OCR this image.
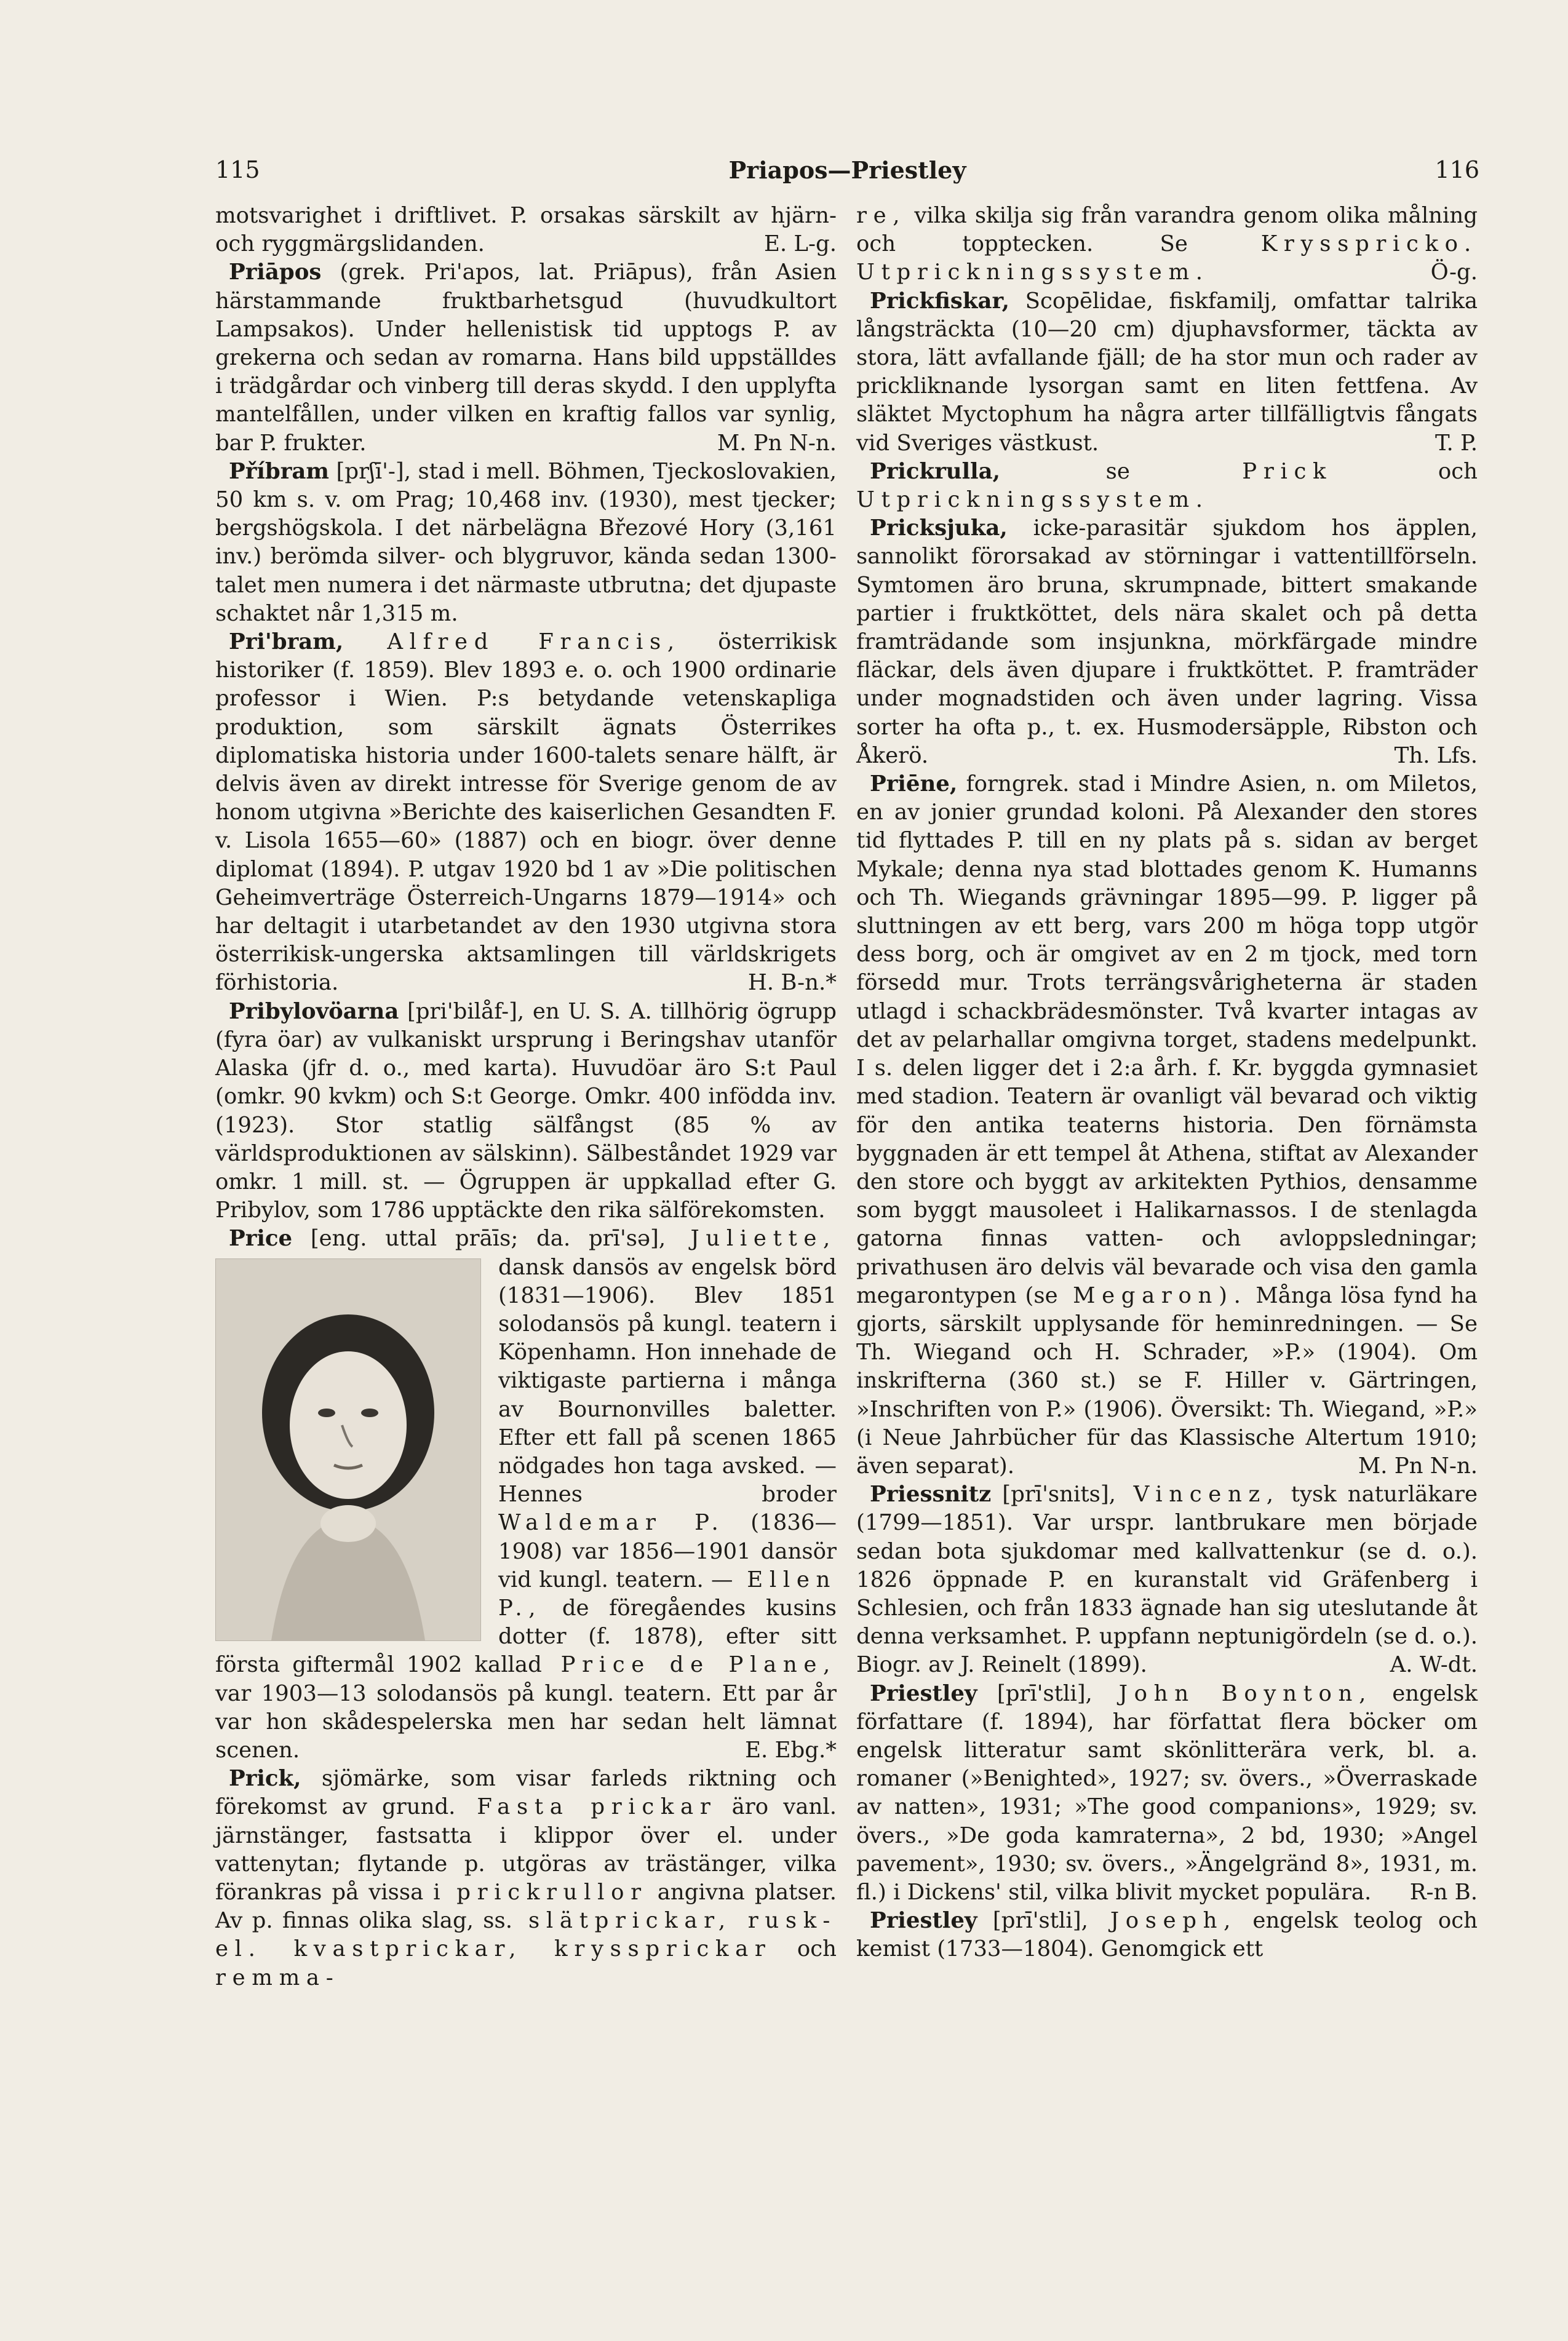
115	Priapos—Priestley	116

motsvarighet i driftlivet. P. orsakas särskilt av hjärn- och ryggmärgslidanden.	E. L-g.

Priāpos (grek. Pri'apos, lat. Priāpus), från Asien härstammande fruktbarhetsgud (huvudkultort Lampsakos). Under hellenistisk tid upptogs P. av grekerna och sedan av romarna. Hans bild uppställdes i trädgårdar och vinberg till deras skydd. I den upplyfta mantelfållen, under vilken en kraftig fallos var synlig, bar P. frukter.	M. Pn N-n.

Příbram [prʃī'-], stad i mell. Böhmen, Tjeckoslovakien, 50 km s. v. om Prag; 10,468 inv. (1930), mest tjecker; bergshögskola. I det närbelägna Březové Hory (3,161 inv.) berömda silver- och blygruvor, kända sedan 1300-talet men numera i det närmaste utbrutna; det djupaste schaktet når 1,315 m.

Pri'bram, Alfred Francis, österrikisk historiker (f. 1859). Blev 1893 e. o. och 1900 ordinarie professor i Wien. P:s betydande vetenskapliga produktion, som särskilt ägnats Österrikes diplomatiska historia under 1600-talets senare hälft, är delvis även av direkt intresse för Sverige genom de av honom utgivna »Berichte des kaiserlichen Gesandten F. v. Lisola 1655—60» (1887) och en biogr. över denne diplomat (1894). P. utgav 1920 bd 1 av »Die politischen Geheimverträge Österreich-Ungarns 1879—1914» och har deltagit i utarbetandet av den 1930 utgivna stora österrikisk-ungerska aktsamlingen till världskrigets förhistoria.	H. B-n.*

Pribylovöarna [pri'bilåf-], en U. S. A. tillhörig ögrupp (fyra öar) av vulkaniskt ursprung i Beringshav utanför Alaska (jfr d. o., med karta). Huvudöar äro S:t Paul (omkr. 90 kvkm) och S:t George. Omkr. 400 infödda inv. (1923). Stor statlig sälfångst (85 % av världsproduktionen av sälskinn). Sälbeståndet 1929 var omkr. 1 mill. st. — Ögruppen är uppkallad efter G. Pribylov, som 1786 upptäckte den rika sälförekomsten.

Price [eng. uttal prāīs; da. prī'sə], Juliette,
dansk dansös av engelsk börd (1831—1906). Blev 1851 solodansös på kungl. teatern i Köpenhamn. Hon innehade de viktigaste partierna i många av Bournonvilles baletter. Efter ett fall på scenen 1865 nödgades hon taga avsked. — Hennes broder Waldemar P. (1836—1908) var 1856—1901 dansör vid kungl. teatern. — Ellen P., de föregåendes kusins dotter (f. 1878), efter sitt första giftermål 1902 kallad Price de Plane, var 1903—13 solodansös på kungl. teatern. Ett par år var hon skådespelerska men har sedan helt lämnat scenen.	E. Ebg.*

Prick, sjömärke, som visar farleds riktning och förekomst av grund. Fasta prickar äro vanl. järnstänger, fastsatta i klippor över el. under vattenytan; flytande p. utgöras av trästänger, vilka förankras på vissa i prickrullor angivna platser. Av p. finnas olika slag, ss. slätprickar, rusk- el. kvastprickar, kryssprickar och remma-

re, vilka skilja sig från varandra genom olika målning och topptecken. Se Krysspricko. Utprickningssystem.	Ö-g.

Prickfiskar, Scopēlidae, fiskfamilj, omfattar talrika långsträckta (10—20 cm) djuphavsformer, täckta av stora, lätt avfallande fjäll; de ha stor mun och rader av prickliknande lysorgan samt en liten fettfena. Av släktet Myctophum ha några arter tillfälligtvis fångats vid Sveriges västkust.	T. P.

Prickrulla, se Prick och Utprickningssystem.

Pricksjuka, icke-parasitär sjukdom hos äpplen, sannolikt förorsakad av störningar i vattentillförseln. Symtomen äro bruna, skrumpnade, bittert smakande partier i fruktköttet, dels nära skalet och på detta framträdande som insjunkna, mörkfärgade mindre fläckar, dels även djupare i fruktköttet. P. framträder under mognadstiden och även under lagring. Vissa sorter ha ofta p., t. ex. Husmodersäpple, Ribston och Åkerö.	Th. Lfs.

Priēne, forngrek. stad i Mindre Asien, n. om Miletos, en av jonier grundad koloni. På Alexander den stores tid flyttades P. till en ny plats på s. sidan av berget Mykale; denna nya stad blottades genom K. Humanns och Th. Wiegands grävningar 1895—99. P. ligger på sluttningen av ett berg, vars 200 m höga topp utgör dess borg, och är omgivet av en 2 m tjock, med torn försedd mur. Trots terrängsvårigheterna är staden utlagd i schackbrädesmönster. Två kvarter intagas av det av pelarhallar omgivna torget, stadens medelpunkt. I s. delen ligger det i 2:a årh. f. Kr. byggda gymnasiet med stadion. Teatern är ovanligt väl bevarad och viktig för den antika teaterns historia. Den förnämsta byggnaden är ett tempel åt Athena, stiftat av Alexander den store och byggt av arkitekten Pythios, densamme som byggt mausoleet i Halikarnassos. I de stenlagda gatorna finnas vatten- och avloppsledningar; privathusen äro delvis väl bevarade och visa den gamla megarontypen (se Megaron). Många lösa fynd ha gjorts, särskilt upplysande för heminredningen. — Se Th. Wiegand och H. Schrader, »P.» (1904). Om inskrifterna (360 st.) se F. Hiller v. Gärtringen, »Inschriften von P.» (1906). Översikt: Th. Wiegand, »P.» (i Neue Jahrbücher für das Klassische Altertum 1910; även separat).	M. Pn N-n.

Priessnitz [prī'snits], Vincenz, tysk naturläkare (1799—1851). Var urspr. lantbrukare men började sedan bota sjukdomar med kallvattenkur (se d. o.). 1826 öppnade P. en kuranstalt vid Gräfenberg i Schlesien, och från 1833 ägnade han sig uteslutande åt denna verksamhet. P. uppfann neptunigördeln (se d. o.). Biogr. av J. Reinelt (1899).	A. W-dt.

Priestley [prī'stli], John Boynton, engelsk författare (f. 1894), har författat flera böcker om engelsk litteratur samt skönlitterära verk, bl. a. romaner (»Benighted», 1927; sv. övers., »Överraskade av natten», 1931; »The good companions», 1929; sv. övers., »De goda kamraterna», 2 bd, 1930; »Angel pavement», 1930; sv. övers., »Ängelgränd 8», 1931, m. fl.) i Dickens' stil, vilka blivit mycket populära.	R-n B.

Priestley [prī'stli], Joseph, engelsk teolog och kemist (1733—1804). Genomgick ett
